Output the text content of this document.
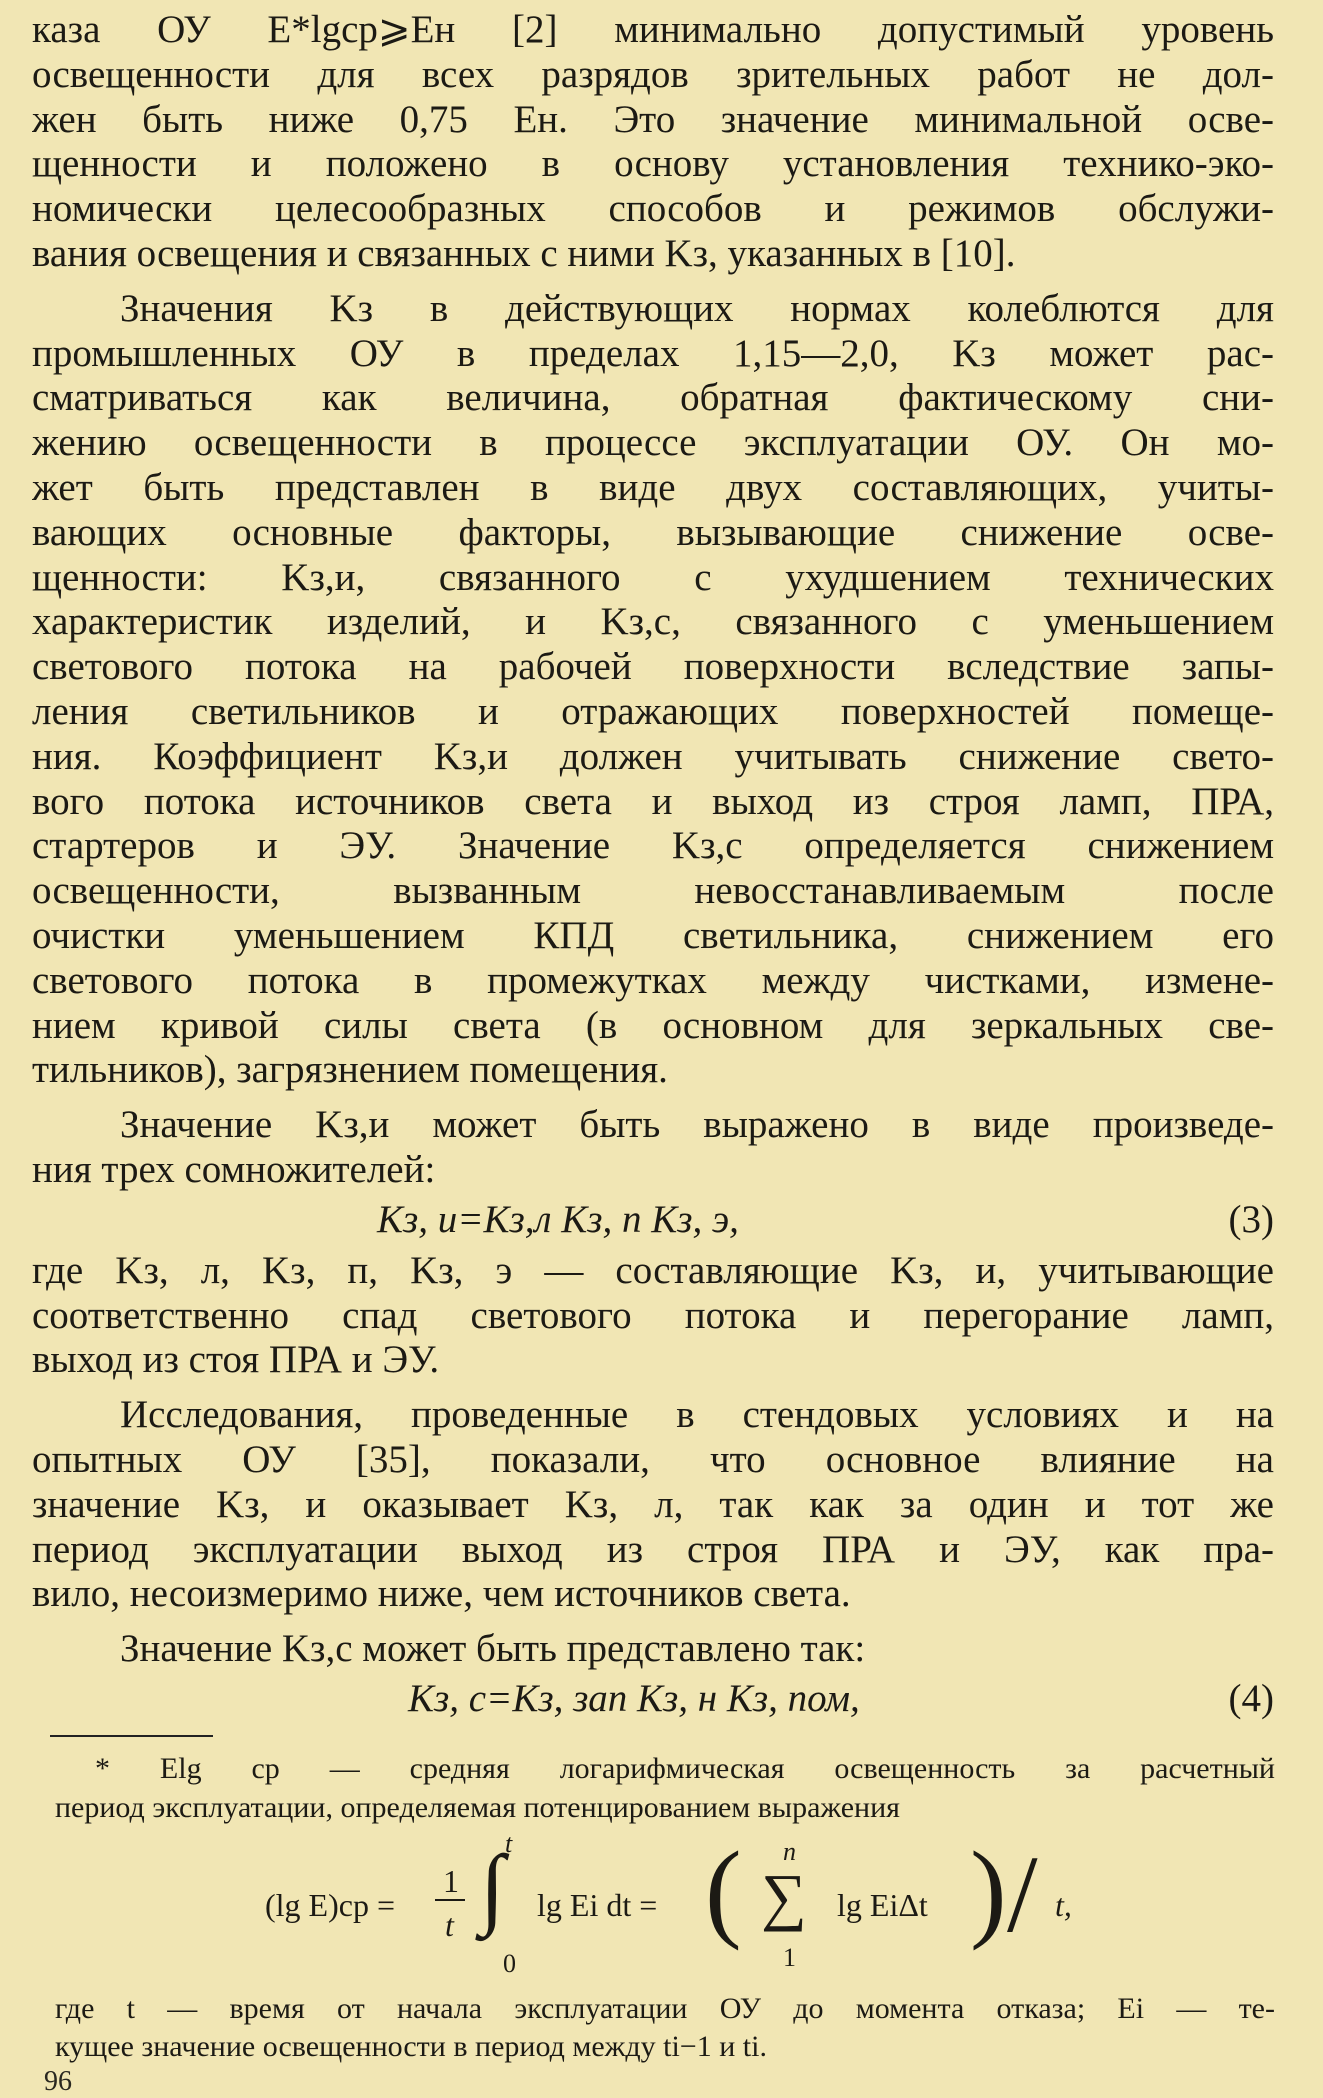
каза ОУ E*lgср⩾Eн [2] минимально допустимый уровень
освещенности для всех разрядов зрительных работ не дол-
жен быть ниже 0,75 Eн. Это значение минимальной осве-
щенности и положено в основу установления технико-эко-
номически целесообразных способов и режимов обслужи-
вания освещения и связанных с ними Kз, указанных в [10].
Значения Kз в действующих нормах колеблются для
промышленных ОУ в пределах 1,15—2,0, Kз может рас-
сматриваться как величина, обратная фактическому сни-
жению освещенности в процессе эксплуатации ОУ. Он мо-
жет быть представлен в виде двух составляющих, учиты-
вающих основные факторы, вызывающие снижение осве-
щенности: Kз,и, связанного с ухудшением технических
характеристик изделий, и Kз,с, связанного с уменьшением
светового потока на рабочей поверхности вследствие запы-
ления светильников и отражающих поверхностей помеще-
ния. Коэффициент Kз,и должен учитывать снижение свето-
вого потока источников света и выход из строя ламп, ПРА,
стартеров и ЭУ. Значение Kз,с определяется снижением
освещенности, вызванным невосстанавливаемым после
очистки уменьшением КПД светильника, снижением его
светового потока в промежутках между чистками, измене-
нием кривой силы света (в основном для зеркальных све-
тильников), загрязнением помещения.
Значение Kз,и может быть выражено в виде произведе-
ния трех сомножителей:
Kз, и=Kз,л Kз, п Kз, э,	(3)
где Kз, л, Kз, п, Kз, э — составляющие Kз, и, учитывающие
соответственно спад светового потока и перегорание ламп,
выход из стоя ПРА и ЭУ.
Исследования, проведенные в стендовых условиях и на
опытных ОУ [35], показали, что основное влияние на
значение Kз, и оказывает Kз, л, так как за один и тот же
период эксплуатации выход из строя ПРА и ЭУ, как пра-
вило, несоизмеримо ниже, чем источников света.
Значение Kз,с может быть представлено так:
Kз, с=Kз, зап Kз, н Kз, пом,	(4)
* Elg ср — средняя логарифмическая освещенность за расчетный
период эксплуатации, определяемая потенцированием выражения
(lg E)ср =
1
t
t
∫
0
lg Ei dt = ( n
∑
1
lg EiΔt ) / t,
где t — время от начала эксплуатации ОУ до момента отказа; Ei — те-
кущее значение освещенности в период между ti−1 и ti.
96
